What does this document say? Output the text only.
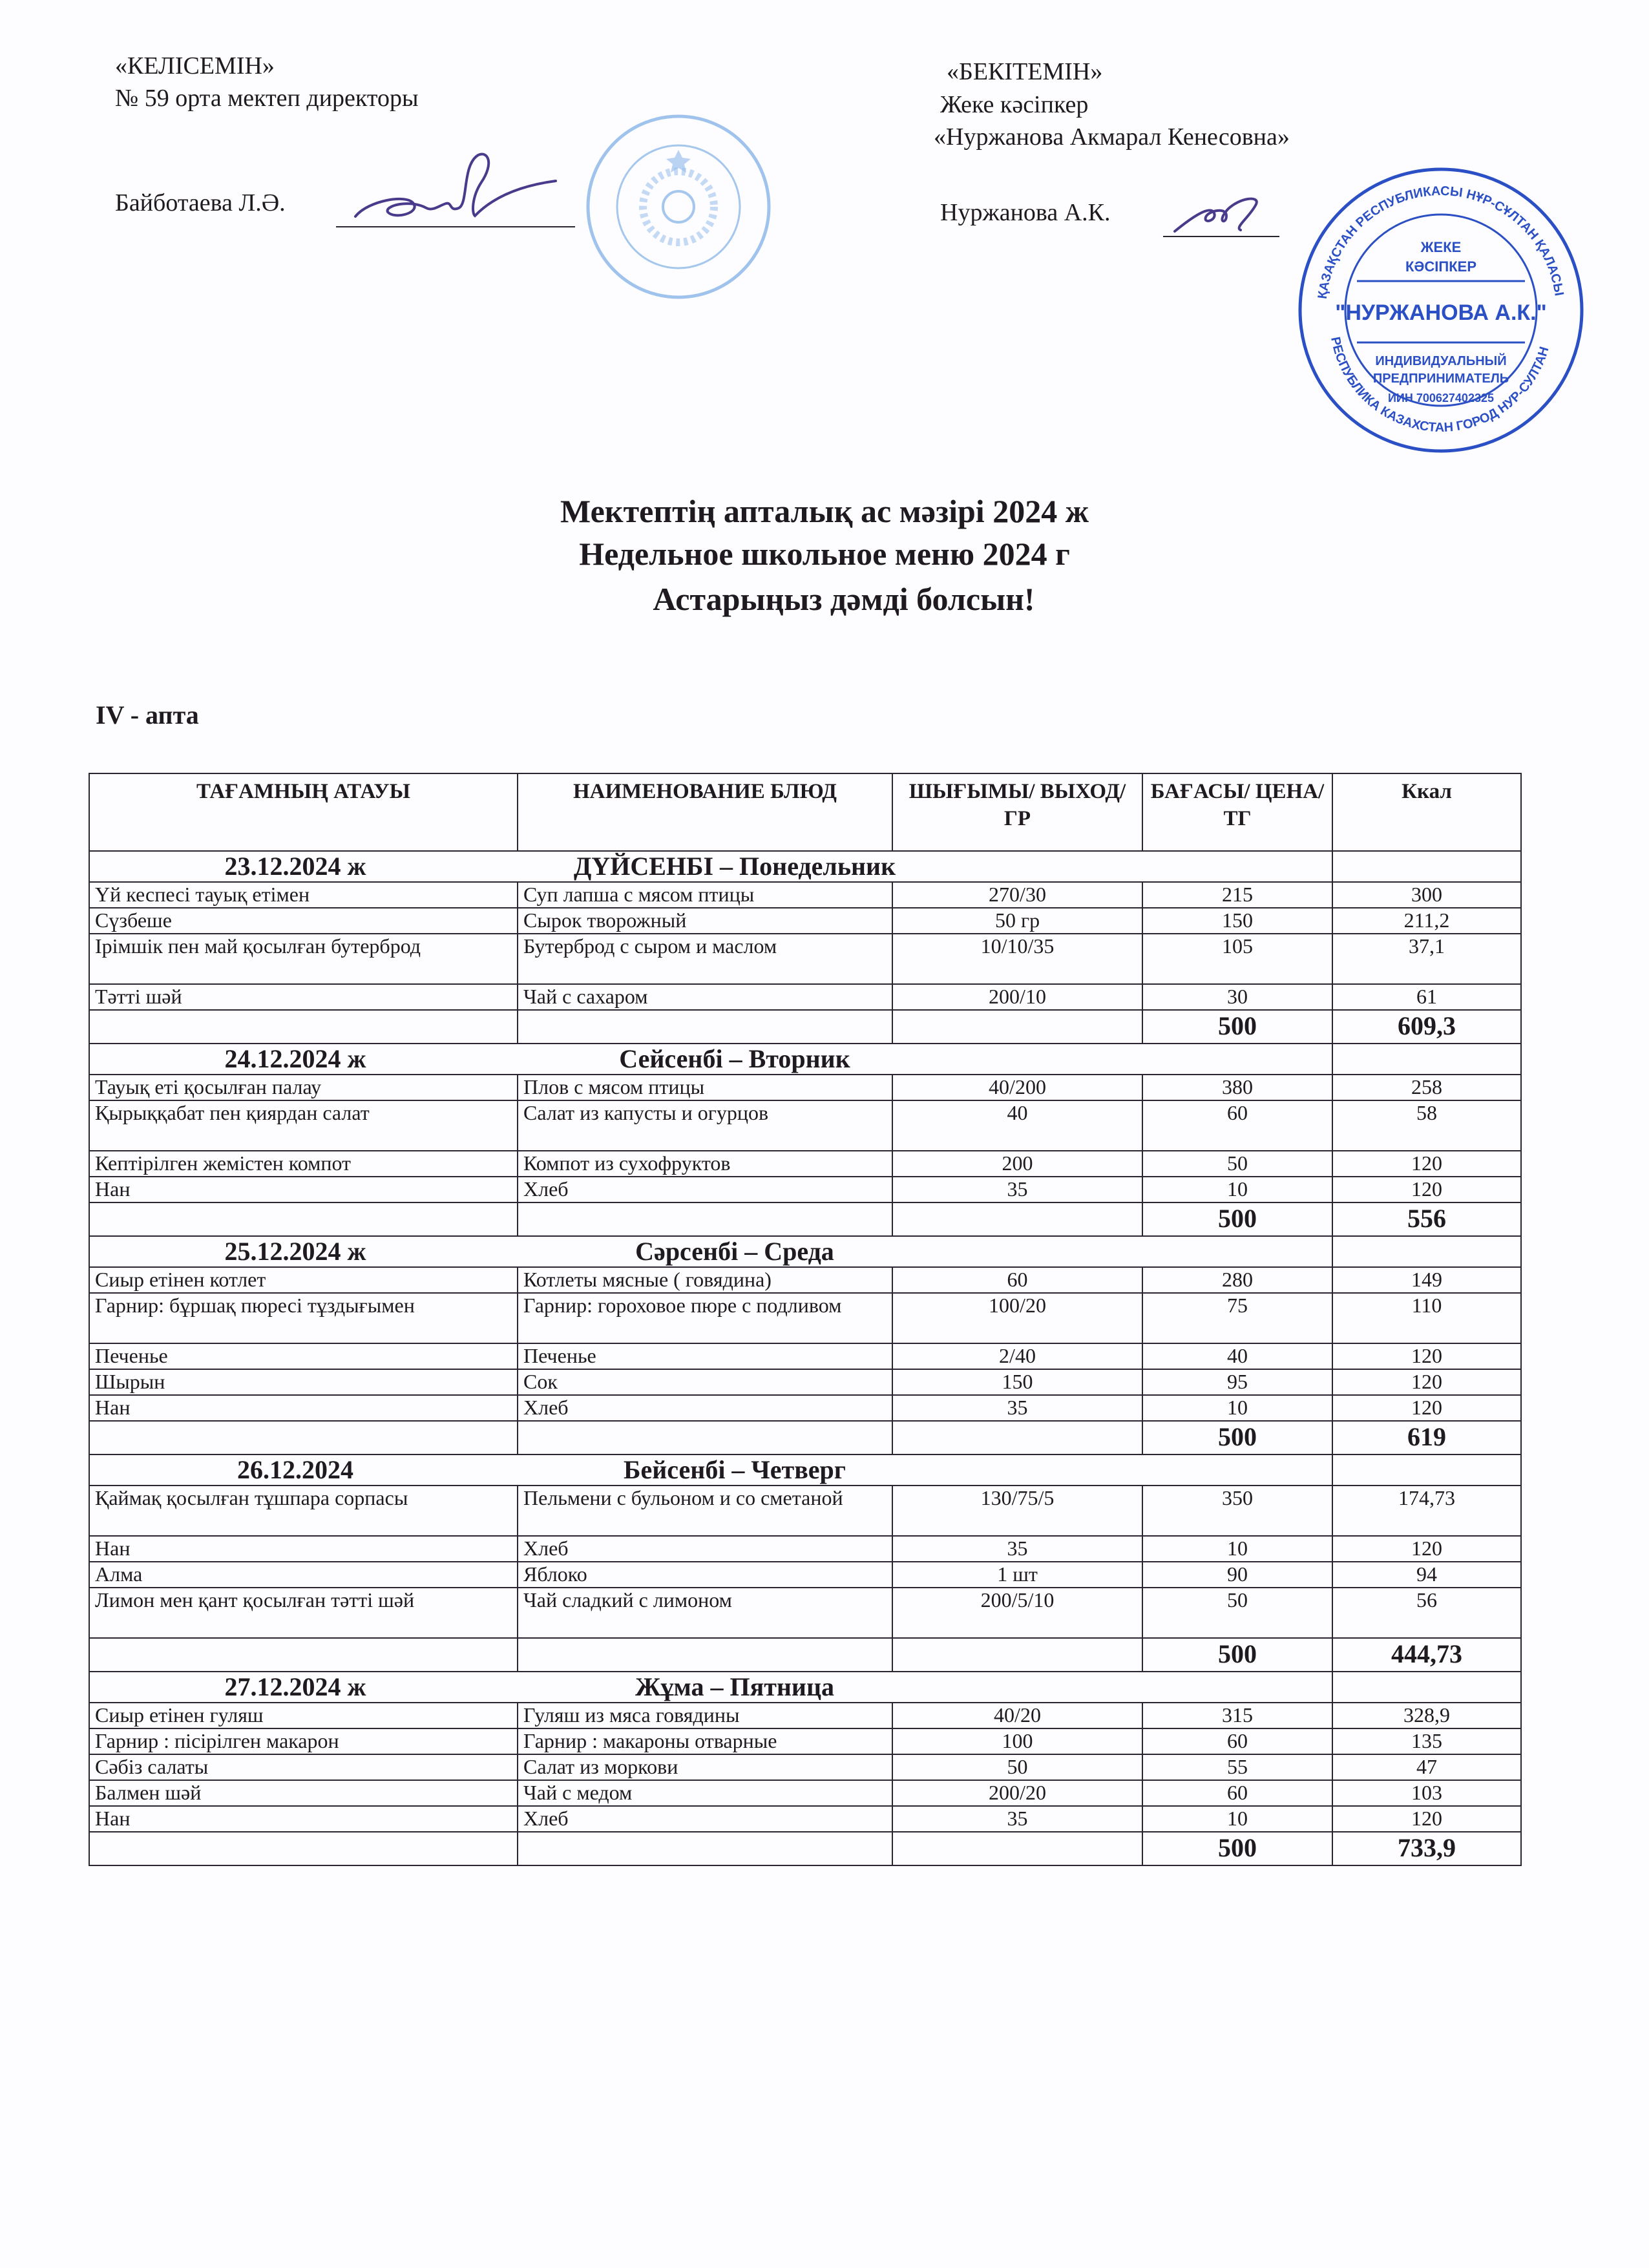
«КЕЛІСЕМІН»
№ 59 орта мектеп директоры
Байботаева Л.Ә.
«БЕКІТЕМІН»
Жеке кәсіпкер
«Нуржанова Акмарал Кенесовна»
Нуржанова А.К.
ҚАЗАҚСТАН РЕСПУБЛИКАСЫ НҰР-СҰЛТАН ҚАЛАСЫ
РЕСПУБЛИКА КАЗАХСТАН ГОРОД НУР-СУЛТАН
ЖЕКЕ
КӘСІПКЕР
"НУРЖАНОВА А.К."
ИНДИВИДУАЛЬНЫЙ
ПРЕДПРИНИМАТЕЛЬ
ИИН 700627402325
Мектептің апталық ас мәзірі 2024 ж
Недельное школьное меню 2024 г
Астарыңыз дәмді болсын!
IV - апта
ТАҒАМНЫҢ АТАУЫ	НАИМЕНОВАНИЕ БЛЮД	ШЫҒЫМЫ/ ВЫХОД/ГР	БАҒАСЫ/ ЦЕНА/ТГ	Ккал
23.12.2024 ж ДҮЙСЕНБІ – Понедельник				
Үй кеспесі тауық етімен	Суп лапша с мясом птицы	270/30	215	300
Сүзбеше	Сырок творожный	50 гр	150	211,2
Ірімшік пен май қосылған бутерброд	Бутерброд с сыром и маслом	10/10/35	105	37,1
Тәтті шәй	Чай с сахаром	200/10	30	61
			500	609,3
24.12.2024 ж Сейсенбі – Вторник				
Тауық еті қосылған палау	Плов с мясом птицы	40/200	380	258
Қырыққабат пен қиярдан салат	Салат из капусты и огурцов	40	60	58
Кептірілген жемістен компот	Компот из сухофруктов	200	50	120
Нан	Хлеб	35	10	120
			500	556
25.12.2024 ж Сәрсенбі – Среда				
Сиыр етінен котлет	Котлеты мясные ( говядина)	60	280	149
Гарнир: бұршақ пюресі тұздығымен	Гарнир: гороховое пюре с подливом	100/20	75	110
Печенье	Печенье	2/40	40	120
Шырын	Сок	150	95	120
Нан	Хлеб	35	10	120
			500	619
26.12.2024 Бейсенбі – Четверг				
Қаймақ қосылған тұшпара сорпасы	Пельмени с бульоном и со сметаной	130/75/5	350	174,73
Нан	Хлеб	35	10	120
Алма	Яблоко	1 шт	90	94
Лимон мен қант қосылған тәтті шәй	Чай сладкий с лимоном	200/5/10	50	56
			500	444,73
27.12.2024 ж Жұма – Пятница				
Сиыр етінен гуляш	Гуляш из мяса говядины	40/20	315	328,9
Гарнир : пісірілген макарон	Гарнир : макароны отварные	100	60	135
Сәбіз салаты	Салат из моркови	50	55	47
Балмен шәй	Чай с медом	200/20	60	103
Нан	Хлеб	35	10	120
			500	733,9
